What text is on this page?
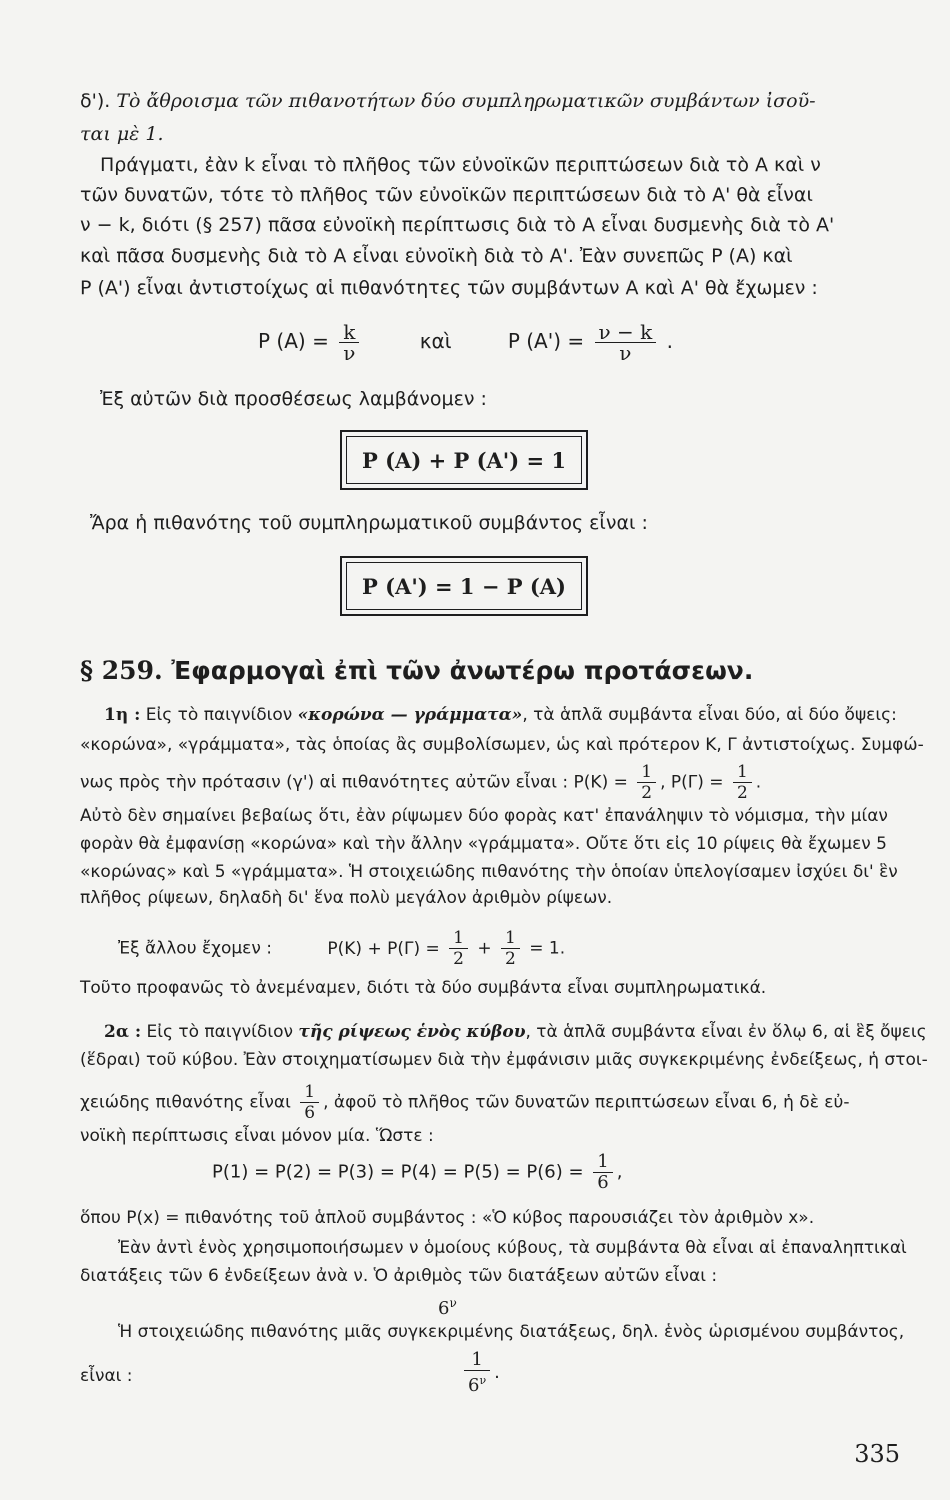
δ'). Τὸ ἄθροισμα τῶν πιθανοτήτων δύο συμπληρωματικῶν συμβάντων ἰσοῦ-
ται μὲ 1.
Πράγματι, ἐὰν k εἶναι τὸ πλῆθος τῶν εὐνοϊκῶν περιπτώσεων διὰ τὸ Α καὶ ν
τῶν δυνατῶν, τότε τὸ πλῆθος τῶν εὐνοϊκῶν περιπτώσεων διὰ τὸ Α' θὰ εἶναι
ν − k, διότι (§ 257) πᾶσα εὐνοϊκὴ περίπτωσις διὰ τὸ Α εἶναι δυσμενὴς διὰ τὸ Α'
καὶ πᾶσα δυσμενὴς διὰ τὸ Α εἶναι εὐνοϊκὴ διὰ τὸ Α'. Ἐὰν συνεπῶς Ρ (Α) καὶ
Ρ (Α') εἶναι ἀντιστοίχως αἱ πιθανότητες τῶν συμβάντων Α καὶ Α' θὰ ἔχωμεν :
Ρ $(A) = \frac{k}{\nu}$	καὶ	Ρ $(A') = \frac{\nu - k}{\nu}$ .
Ἐξ αὐτῶν διὰ προσθέσεως λαμβάνομεν :
Ρ (Α) + Ρ (Α') = 1
Ἄρα ἡ πιθανότης τοῦ συμπληρωματικοῦ συμβάντος εἶναι :
Ρ (Α') = 1 − Ρ (Α)
§ 259. Ἐφαρμογαὶ ἐπὶ τῶν ἀνωτέρω προτάσεων.
1η : Εἰς τὸ παιγνίδιον «κορώνα — γράμματα», τὰ ἁπλᾶ συμβάντα εἶναι δύο, αἱ δύο ὄψεις:
«κορώνα», «γράμματα», τὰς ὁποίας ἂς συμβολίσωμεν, ὡς καὶ πρότερον Κ, Γ ἀντιστοίχως. Συμφώ-
νως πρὸς τὴν πρότασιν (γ') αἱ πιθανότητες αὐτῶν εἶναι : $P(K) = \frac{1}{2}$ , $P(\Gamma) = \frac{1}{2}$ .
Αὐτὸ δὲν σημαίνει βεβαίως ὅτι, ἐὰν ρίψωμεν δύο φορὰς κατ' ἐπανάληψιν τὸ νόμισμα, τὴν μίαν
φορὰν θὰ ἐμφανίσῃ «κορώνα» καὶ τὴν ἄλλην «γράμματα». Οὔτε ὅτι εἰς 10 ρίψεις θὰ ἔχωμεν 5
«κορώνας» καὶ 5 «γράμματα». Ἡ στοιχειώδης πιθανότης τὴν ὁποίαν ὑπελογίσαμεν ἰσχύει δι' ἓν
πλῆθος ρίψεων, δηλαδὴ δι' ἕνα πολὺ μεγάλον ἀριθμὸν ρίψεων.
Ἐξ ἄλλου ἔχομεν :	$P(K) + P(\Gamma) = \frac{1}{2} + \frac{1}{2} = 1$.
Τοῦτο προφανῶς τὸ ἀνεμέναμεν, διότι τὰ δύο συμβάντα εἶναι συμπληρωματικά.
2α : Εἰς τὸ παιγνίδιον τῆς ρίψεως ἑνὸς κύβου, τὰ ἁπλᾶ συμβάντα εἶναι ἐν ὅλῳ 6, αἱ ἓξ ὄψεις
(ἕδραι) τοῦ κύβου. Ἐὰν στοιχηματίσωμεν διὰ τὴν ἐμφάνισιν μιᾶς συγκεκριμένης ἐνδείξεως, ἡ στοι-
χειώδης πιθανότης εἶναι $\frac{1}{6}$ , ἀφοῦ τὸ πλῆθος τῶν δυνατῶν περιπτώσεων εἶναι 6, ἡ δὲ εὐ-
νοϊκὴ περίπτωσις εἶναι μόνον μία. Ὥστε :
$P(1) = P(2) = P(3) = P(4) = P(5) = P(6) = \frac{1}{6}$ ,
ὅπου Ρ(x) = πιθανότης τοῦ ἁπλοῦ συμβάντος : «Ὁ κύβος παρουσιάζει τὸν ἀριθμὸν x».
Ἐὰν ἀντὶ ἑνὸς χρησιμοποιήσωμεν ν ὁμοίους κύβους, τὰ συμβάντα θὰ εἶναι αἱ ἐπαναληπτικαὶ
διατάξεις τῶν 6 ἐνδείξεων ἀνὰ ν. Ὁ ἀριθμὸς τῶν διατάξεων αὐτῶν εἶναι :
$6^\nu$
Ἡ στοιχειώδης πιθανότης μιᾶς συγκεκριμένης διατάξεως, δηλ. ἑνὸς ὡρισμένου συμβάντος,
εἶναι :	$\frac{1}{6^\nu}$ .
335
